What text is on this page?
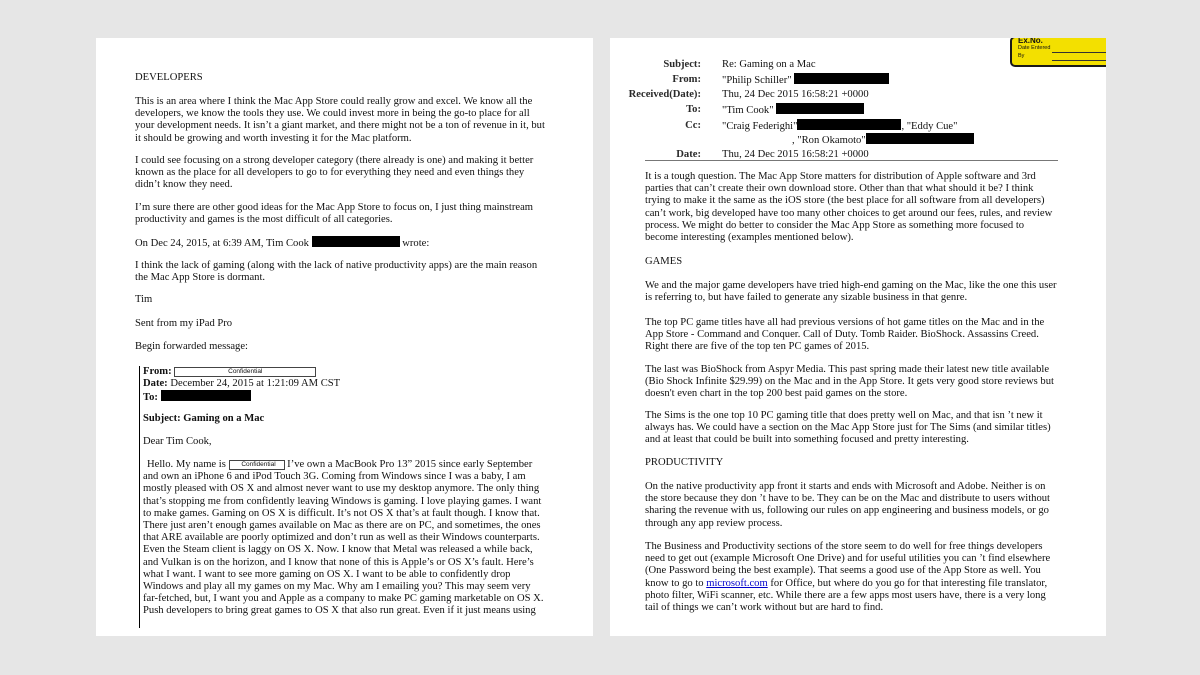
DEVELOPERS

This is an area where I think the Mac App Store could really grow and excel. We know all the developers, we know the tools they use. We could invest more in being the go-to place for all your development needs. It isn’t a giant market, and there might not be a ton of revenue in it, but it should be growing and worth investing it for the Mac platform.

I could see focusing on a strong developer category (there already is one) and making it better known as the place for all developers to go to for everything they need and even things they didn’t know they need.

I’m sure there are other good ideas for the Mac App Store to focus on, I just thing mainstream productivity and games is the most difficult of all categories.

On Dec 24, 2015, at 6:39 AM, Tim Cook	wrote:

I think the lack of gaming (along with the lack of native productivity apps) are the main reason the Mac App Store is dormant.

Tim

Sent from my iPad Pro

Begin forwarded message:

From:	Confidential

Date: December 24, 2015 at 1:21:09 AM CST

To:

Subject: Gaming on a Mac

Dear Tim Cook,

Hello. My name is Confidential I’ve own a MacBook Pro 13” 2015 since early September and own an iPhone 6 and iPod Touch 3G. Coming from Windows since I was a baby, I am mostly pleased with OS X and almost never want to use my desktop anymore. The only thing that’s stopping me from confidently leaving Windows is gaming. I love playing games. I want to make games. Gaming on OS X is difficult. It’s not OS X that’s at fault though. I know that. There just aren’t enough games available on Mac as there are on PC, and sometimes, the ones that ARE available are poorly optimized and don’t run as well as their Windows counterparts. Even the Steam client is laggy on OS X. Now. I know that Metal was released a while back, and Vulkan is on the horizon, and I know that none of this is Apple’s or OS X’s fault. Here’s what I want. I want to see more gaming on OS X. I want to be able to confidently drop Windows and play all my games on my Mac. Why am I emailing you? This may seem very far-fetched, but, I want you and Apple as a company to make PC gaming marketable on OS X. Push developers to bring great games to OS X that also run great. Even if it just means using

Ex.No.
Date Entered
By
Subject: Re: Gaming on a Mac
From: "Philip Schiller"
Received(Date): Thu, 24 Dec 2015 16:58:21 +0000
To: "Tim Cook"
Cc: "Craig Federighi"	, "Eddy Cue"
, "Ron Okamoto"
Date: Thu, 24 Dec 2015 16:58:21 +0000

It is a tough question. The Mac App Store matters for distribution of Apple software and 3rd parties that can’t create their own download store. Other than that what should it be? I think trying to make it the same as the iOS store (the best place for all software from all developers) can’t work, big developed have too many other choices to get around our fees, rules, and review process. We might do better to consider the Mac App Store as something more focused to become interesting (examples mentioned below).

GAMES

We and the major game developers have tried high-end gaming on the Mac, like the one this user is referring to, but have failed to generate any sizable business in that genre.

The top PC game titles have all had previous versions of hot game titles on the Mac and in the App Store - Command and Conquer. Call of Duty. Tomb Raider. BioShock. Assassins Creed. Right there are five of the top ten PC games of 2015.

The last was BioShock from Aspyr Media. This past spring made their latest new title available (Bio Shock Infinite $29.99) on the Mac and in the App Store. It gets very good store reviews but doesn't even chart in the top 200 best paid games on the store.

The Sims is the one top 10 PC gaming title that does pretty well on Mac, and that isn ’t new it always has. We could have a section on the Mac App Store just for The Sims (and similar titles) and at least that could be built into something focused and pretty interesting.

PRODUCTIVITY

On the native productivity app front it starts and ends with Microsoft and Adobe. Neither is on the store because they don ’t have to be. They can be on the Mac and distribute to users without sharing the revenue with us, following our rules on app engineering and business models, or go through any app review process.

The Business and Productivity sections of the store seem to do well for free things developers need to get out (example Microsoft One Drive) and for useful utilities you can ’t find elsewhere (One Password being the best example). That seems a good use of the App Store as well. You know to go to microsoft.com for Office, but where do you go for that interesting file translator, photo filter, WiFi scanner, etc. While there are a few apps most users have, there is a very long tail of things we can’t work without but are hard to find.
